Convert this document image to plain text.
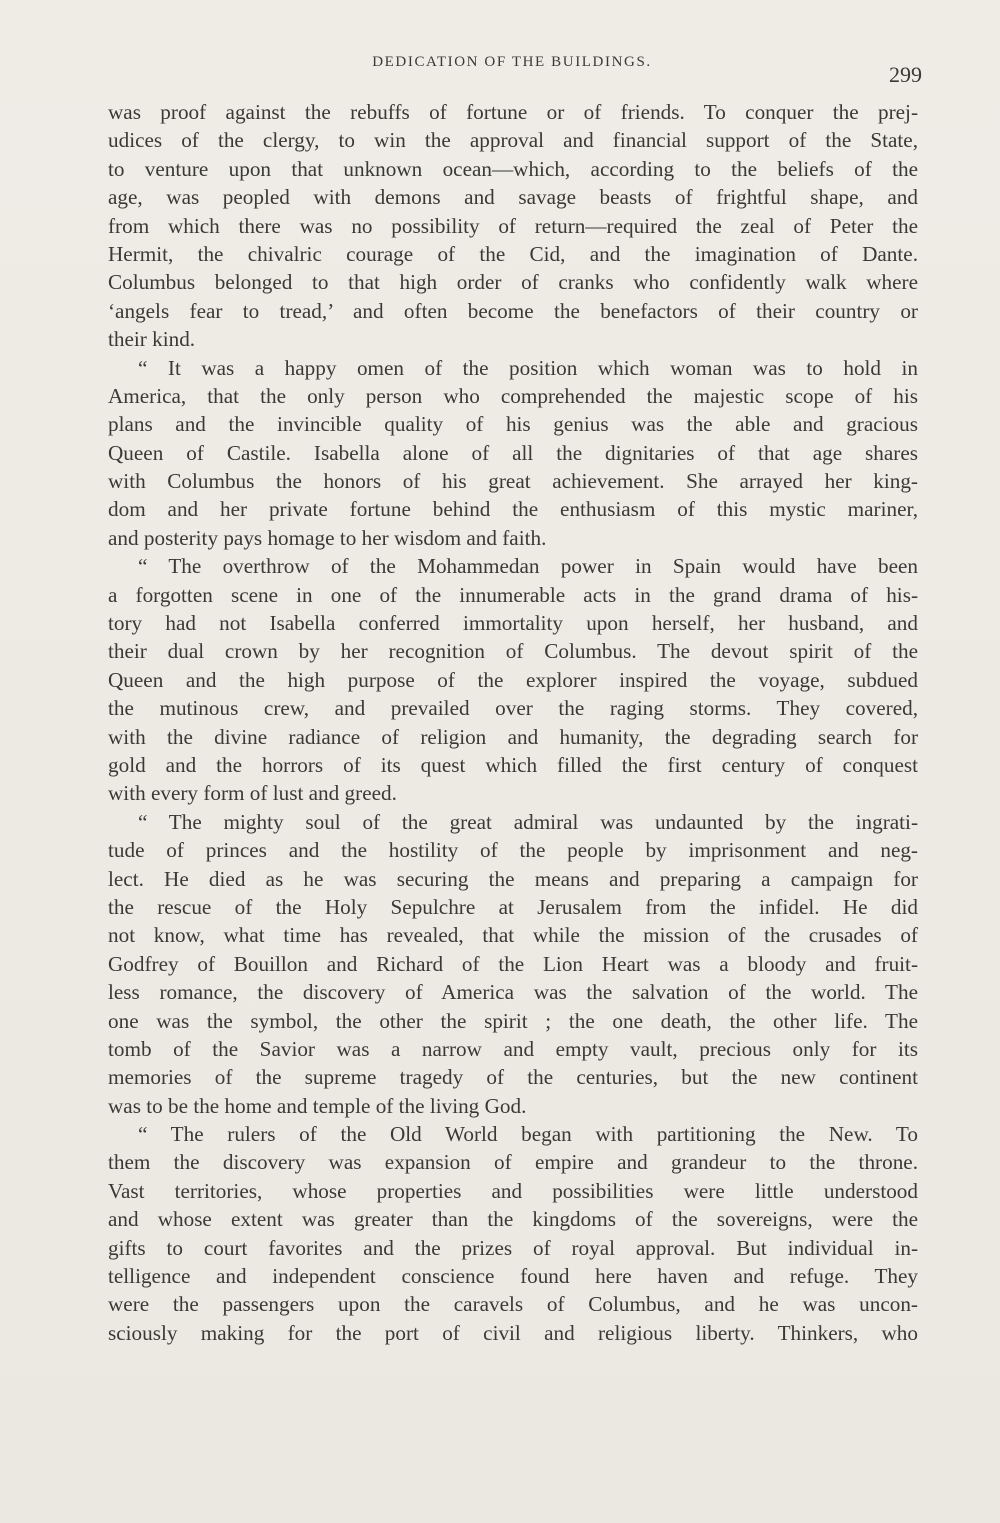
DEDICATION OF THE BUILDINGS.	299
was proof against the rebuffs of fortune or of friends. To conquer the prej-
udices of the clergy, to win the approval and financial support of the State,
to venture upon that unknown ocean—which, according to the beliefs of the
age, was peopled with demons and savage beasts of frightful shape, and
from which there was no possibility of return—required the zeal of Peter the
Hermit, the chivalric courage of the Cid, and the imagination of Dante.
Columbus belonged to that high order of cranks who confidently walk where
‘angels fear to tread,’ and often become the benefactors of their country or
their kind.
“ It was a happy omen of the position which woman was to hold in
America, that the only person who comprehended the majestic scope of his
plans and the invincible quality of his genius was the able and gracious
Queen of Castile. Isabella alone of all the dignitaries of that age shares
with Columbus the honors of his great achievement. She arrayed her king-
dom and her private fortune behind the enthusiasm of this mystic mariner,
and posterity pays homage to her wisdom and faith.
“ The overthrow of the Mohammedan power in Spain would have been
a forgotten scene in one of the innumerable acts in the grand drama of his-
tory had not Isabella conferred immortality upon herself, her husband, and
their dual crown by her recognition of Columbus. The devout spirit of the
Queen and the high purpose of the explorer inspired the voyage, subdued
the mutinous crew, and prevailed over the raging storms. They covered,
with the divine radiance of religion and humanity, the degrading search for
gold and the horrors of its quest which filled the first century of conquest
with every form of lust and greed.
“ The mighty soul of the great admiral was undaunted by the ingrati-
tude of princes and the hostility of the people by imprisonment and neg-
lect. He died as he was securing the means and preparing a campaign for
the rescue of the Holy Sepulchre at Jerusalem from the infidel. He did
not know, what time has revealed, that while the mission of the crusades of
Godfrey of Bouillon and Richard of the Lion Heart was a bloody and fruit-
less romance, the discovery of America was the salvation of the world. The
one was the symbol, the other the spirit ; the one death, the other life. The
tomb of the Savior was a narrow and empty vault, precious only for its
memories of the supreme tragedy of the centuries, but the new continent
was to be the home and temple of the living God.
“ The rulers of the Old World began with partitioning the New. To
them the discovery was expansion of empire and grandeur to the throne.
Vast territories, whose properties and possibilities were little understood
and whose extent was greater than the kingdoms of the sovereigns, were the
gifts to court favorites and the prizes of royal approval. But individual in-
telligence and independent conscience found here haven and refuge. They
were the passengers upon the caravels of Columbus, and he was uncon-
sciously making for the port of civil and religious liberty. Thinkers, who
